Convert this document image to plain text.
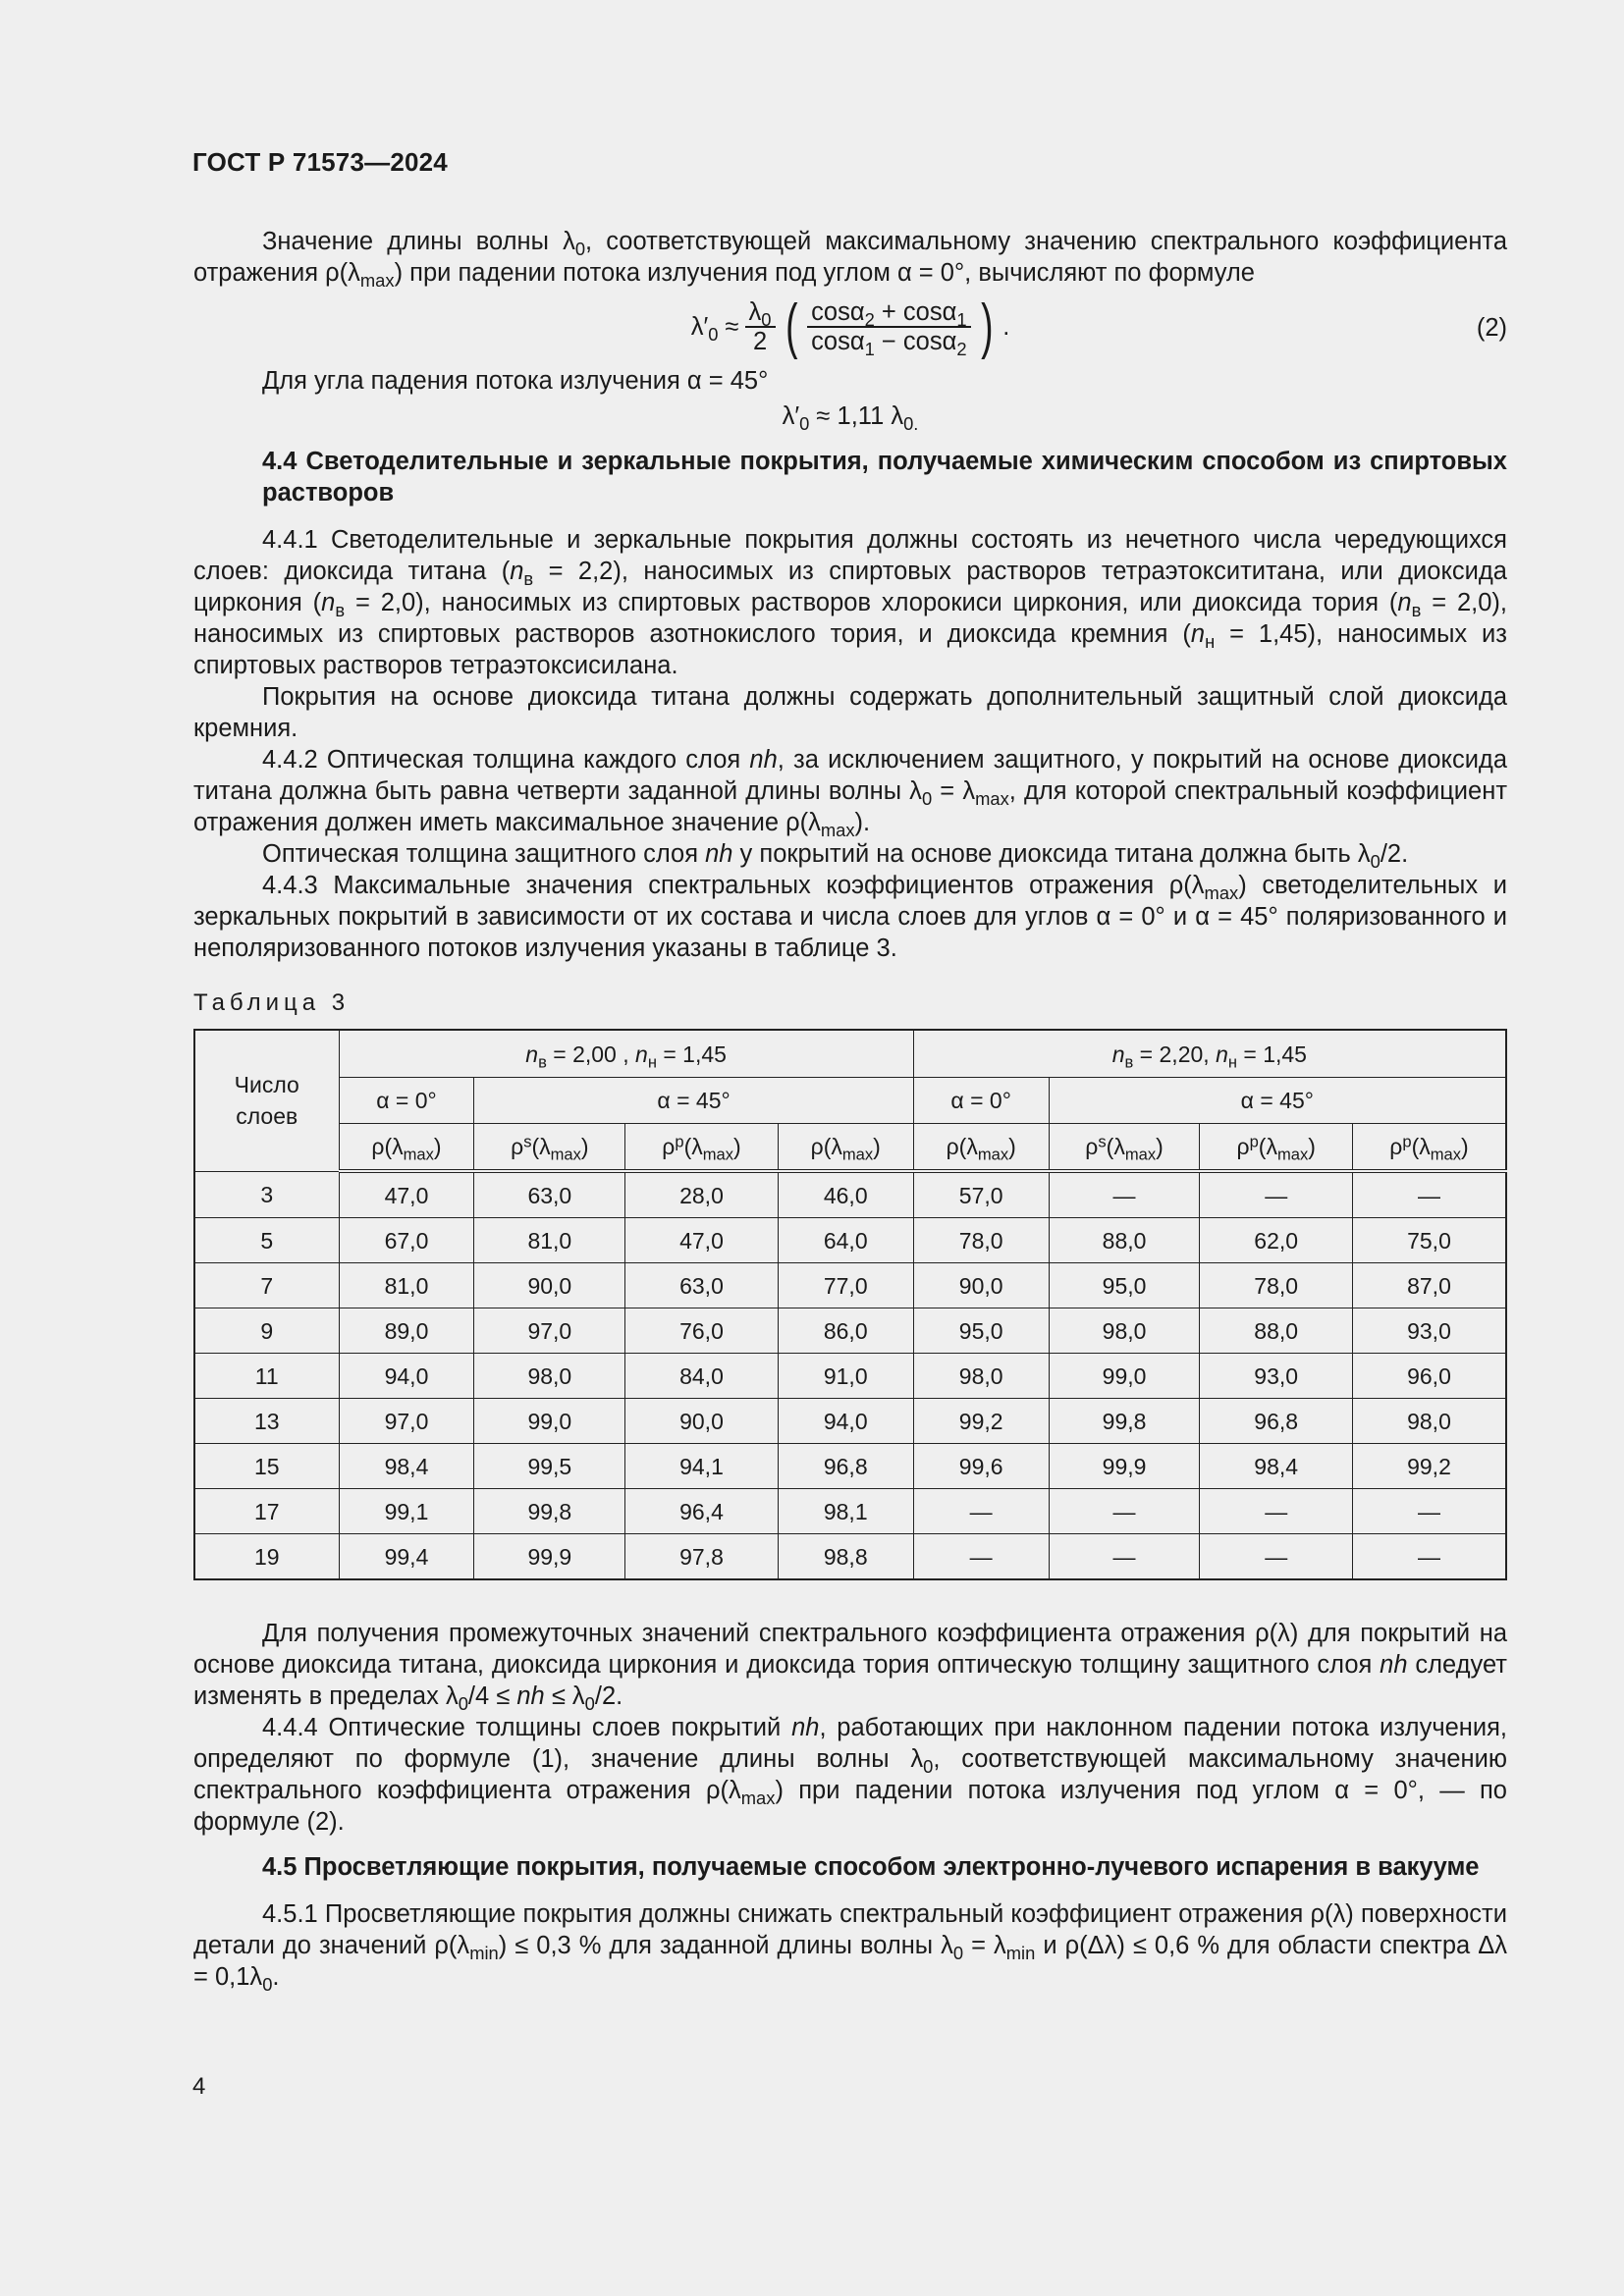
ГОСТ Р 71573—2024

Значение длины волны $\lambda_0$, соответствующей максимальному значению спектрального коэффициента отражения $\rho(\lambda_{max})$ при падении потока излучения под углом α = 0°, вычисляют по формуле

$\lambda'_0 \approx \frac{\lambda_0}{2}$ ( $\frac{\cos\alpha_2 + \cos\alpha_1}{\cos\alpha_1 - \cos\alpha_2}$ ) .	(2)

Для угла падения потока излучения α = 45°

$\lambda'_0 \approx 1,11$ $\lambda_{0.}$

4.4 Светоделительные и зеркальные покрытия, получаемые химическим способом из спиртовых растворов

4.4.1 Светоделительные и зеркальные покрытия должны состоять из нечетного числа чередующихся слоев: диоксида титана $(n_в = 2,2)$, наносимых из спиртовых растворов тетраэтоксититана, или диоксида циркония $(n_в = 2,0)$, наносимых из спиртовых растворов хлорокиси циркония, или диоксида тория $(n_в = 2,0)$, наносимых из спиртовых растворов азотнокислого тория, и диоксида кремния $(n_н = 1,45)$, наносимых из спиртовых растворов тетраэтоксисилана.

Покрытия на основе диоксида титана должны содержать дополнительный защитный слой диоксида кремния.

4.4.2 Оптическая толщина каждого слоя nh, за исключением защитного, у покрытий на основе диоксида титана должна быть равна четверти заданной длины волны $\lambda_0 = \lambda_{max}$, для которой спектральный коэффициент отражения должен иметь максимальное значение $\rho(\lambda_{max})$.

Оптическая толщина защитного слоя nh у покрытий на основе диоксида титана должна быть $\lambda_0/2$.

4.4.3 Максимальные значения спектральных коэффициентов отражения $\rho(\lambda_{max})$ светоделительных и зеркальных покрытий в зависимости от их состава и числа слоев для углов α = 0° и α = 45° поляризованного и неполяризованного потоков излучения указаны в таблице 3.

Таблица 3
Число слоев	$n_в = 2,00$ , $n_н = 1,45$				$n_в = 2,20$, $n_н = 1,45$			
	α = 0°	α = 45°			α = 0°	α = 45°		
	$\rho(\lambda_{max})$	$\rho^s(\lambda_{max})$	$\rho^p(\lambda_{max})$	$\rho(\lambda_{max})$	$\rho(\lambda_{max})$	$\rho^s(\lambda_{max})$	$\rho^p(\lambda_{max})$	$\rho^p(\lambda_{max})$
3	47,0	63,0	28,0	46,0	57,0	—	—	—
5	67,0	81,0	47,0	64,0	78,0	88,0	62,0	75,0
7	81,0	90,0	63,0	77,0	90,0	95,0	78,0	87,0
9	89,0	97,0	76,0	86,0	95,0	98,0	88,0	93,0
11	94,0	98,0	84,0	91,0	98,0	99,0	93,0	96,0
13	97,0	99,0	90,0	94,0	99,2	99,8	96,8	98,0
15	98,4	99,5	94,1	96,8	99,6	99,9	98,4	99,2
17	99,1	99,8	96,4	98,1	—	—	—	—
19	99,4	99,9	97,8	98,8	—	—	—	—

Для получения промежуточных значений спектрального коэффициента отражения ρ(λ) для покрытий на основе диоксида титана, диоксида циркония и диоксида тория оптическую толщину защитного слоя nh следует изменять в пределах $\lambda_0/4$ ≤ nh ≤ $\lambda_0/2$.

4.4.4 Оптические толщины слоев покрытий nh, работающих при наклонном падении потока излучения, определяют по формуле (1), значение длины волны $\lambda_0$, соответствующей максимальному значению спектрального коэффициента отражения $\rho(\lambda_{max})$ при падении потока излучения под углом α = 0°, — по формуле (2).

4.5 Просветляющие покрытия, получаемые способом электронно-лучевого испарения в вакууме

4.5.1 Просветляющие покрытия должны снижать спектральный коэффициент отражения ρ(λ) поверхности детали до значений $\rho(\lambda_{min}) \le 0,3$ % для заданной длины волны $\lambda_0 = \lambda_{min}$ и ρ(Δλ) ≤ 0,6 % для области спектра $\Delta\lambda = 0,1\lambda_0$.

4
